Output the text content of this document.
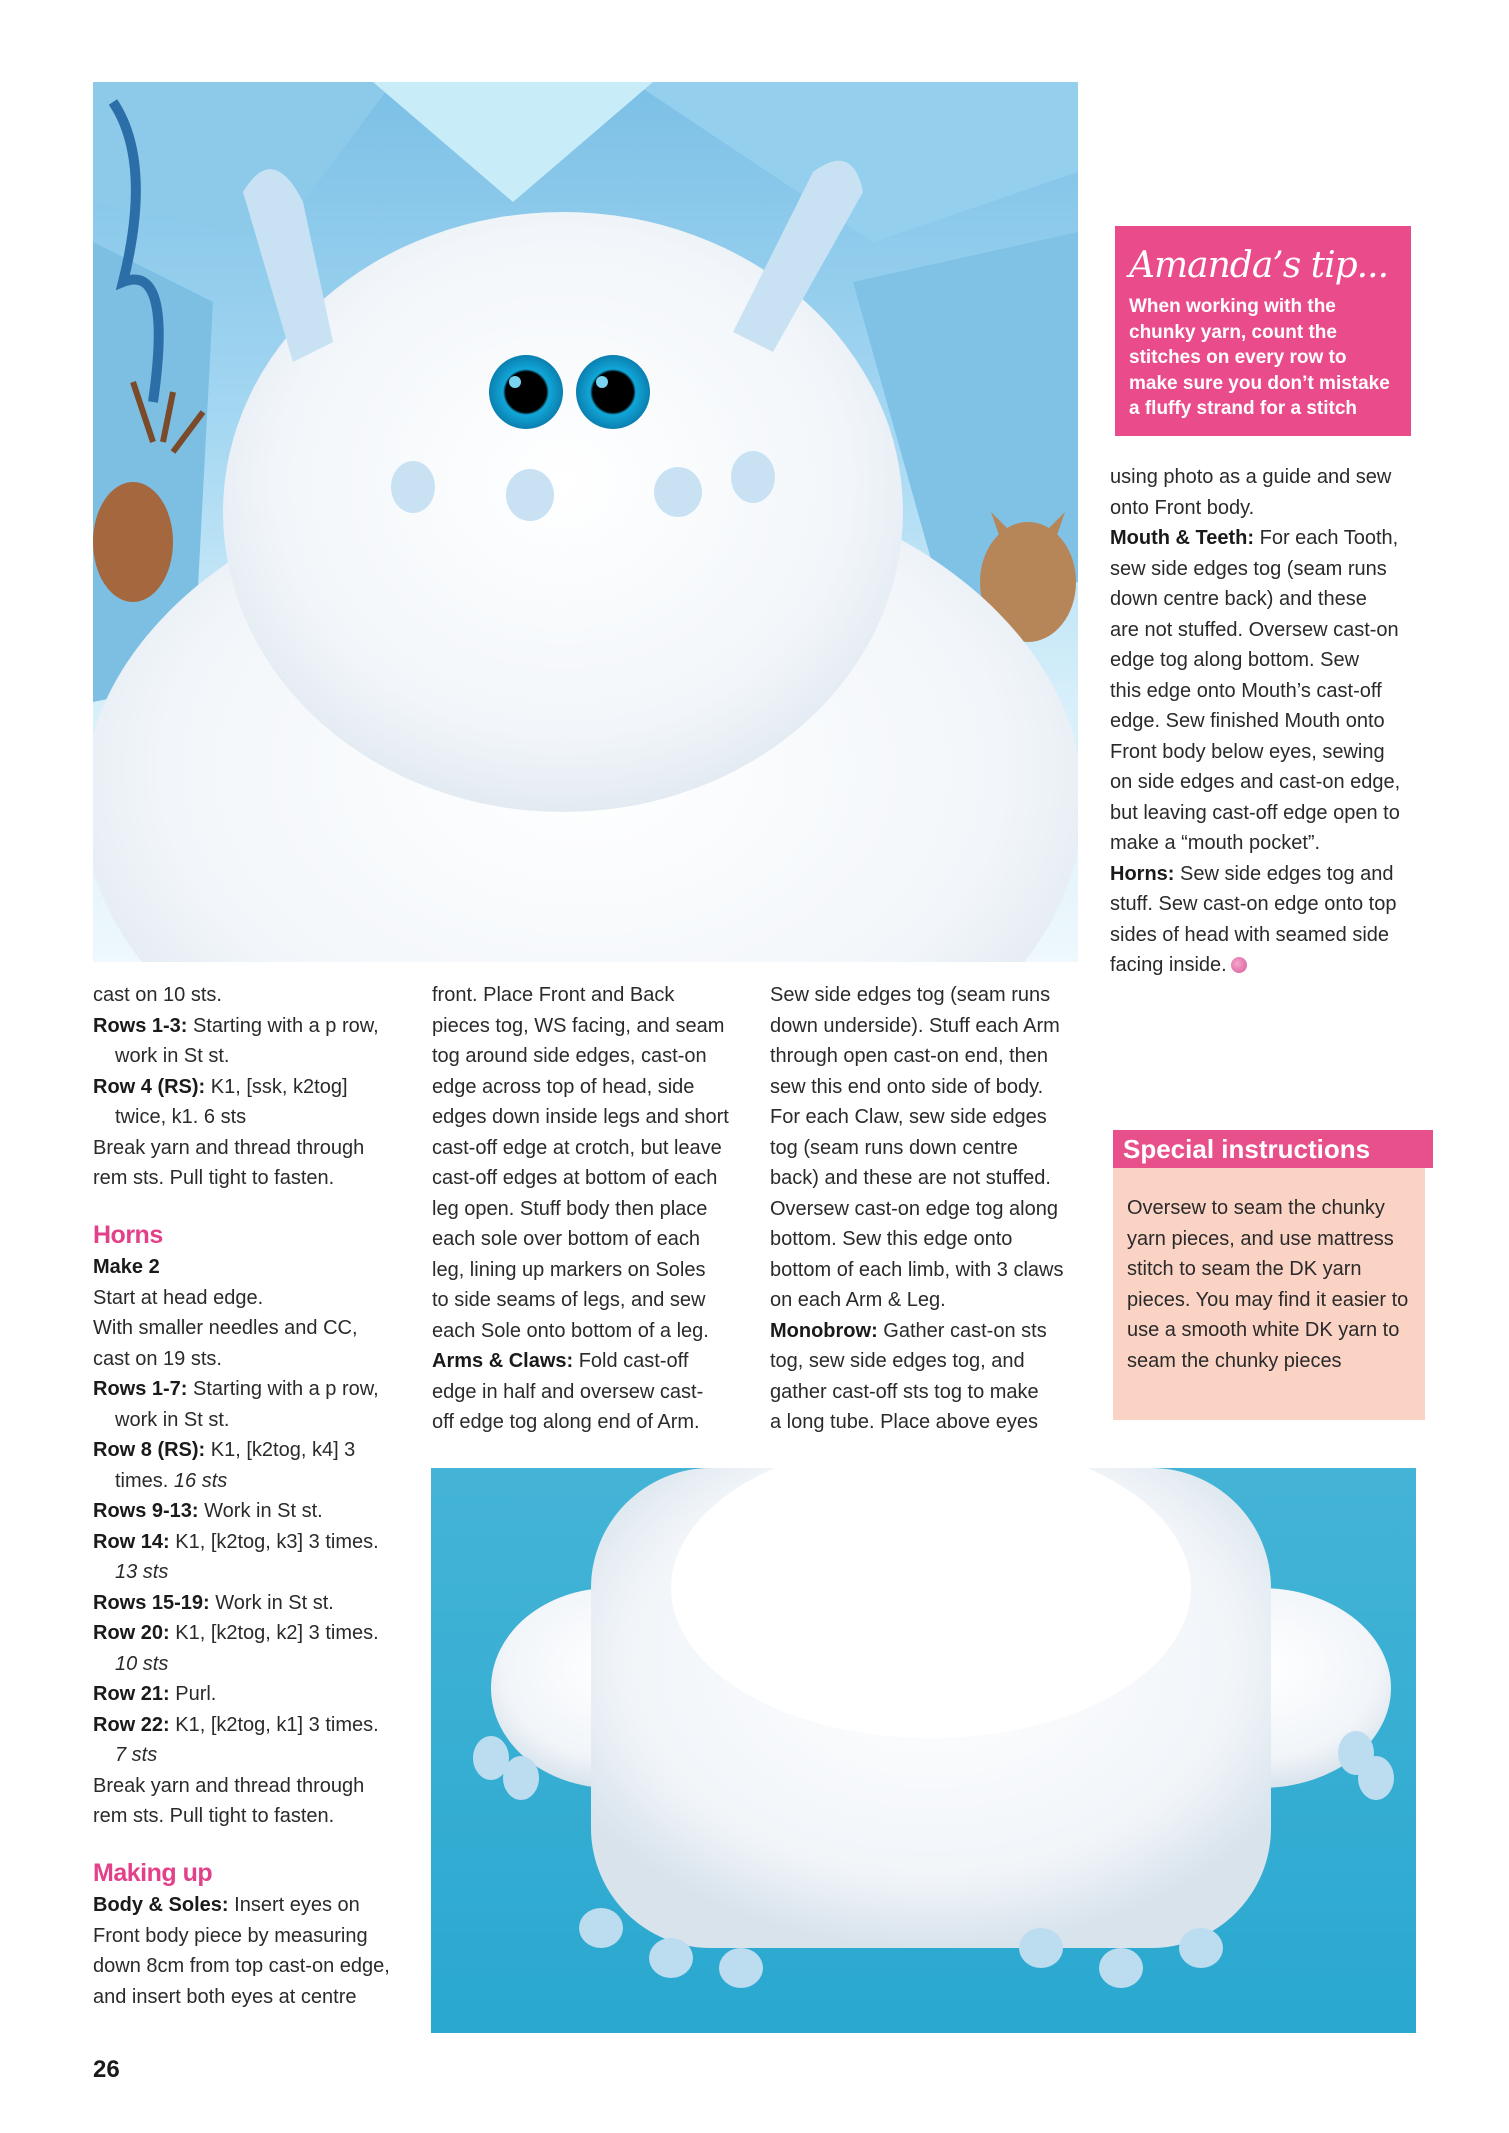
Amanda’s tip...
When working with the chunky yarn, count the stitches on every row to make sure you don’t mistake a fluffy strand for a stitch

using photo as a guide and sew

onto Front body.

Mouth & Teeth: For each Tooth,

sew side edges tog (seam runs

down centre back) and these

are not stuffed. Oversew cast-on

edge tog along bottom. Sew

this edge onto Mouth’s cast-off

edge. Sew finished Mouth onto

Front body below eyes, sewing

on side edges and cast-on edge,

but leaving cast-off edge open to

make a “mouth pocket”.

Horns: Sew side edges tog and

stuff. Sew cast-on edge onto top

sides of head with seamed side

facing inside.

cast on 10 sts.

Rows 1-3: Starting with a p row,

work in St st.

Row 4 (RS): K1, [ssk, k2tog]

twice, k1. 6 sts

Break yarn and thread through

rem sts. Pull tight to fasten.

Horns

Make 2

Start at head edge.

With smaller needles and CC,

cast on 19 sts.

Rows 1-7: Starting with a p row,

work in St st.

Row 8 (RS): K1, [k2tog, k4] 3

times. 16 sts

Rows 9-13: Work in St st.

Row 14: K1, [k2tog, k3] 3 times.

13 sts

Rows 15-19: Work in St st.

Row 20: K1, [k2tog, k2] 3 times.

10 sts

Row 21: Purl.

Row 22: K1, [k2tog, k1] 3 times.

7 sts

Break yarn and thread through

rem sts. Pull tight to fasten.

Making up

Body & Soles: Insert eyes on

Front body piece by measuring

down 8cm from top cast-on edge,

and insert both eyes at centre

front. Place Front and Back

pieces tog, WS facing, and seam

tog around side edges, cast-on

edge across top of head, side

edges down inside legs and short

cast-off edge at crotch, but leave

cast-off edges at bottom of each

leg open. Stuff body then place

each sole over bottom of each

leg, lining up markers on Soles

to side seams of legs, and sew

each Sole onto bottom of a leg.

Arms & Claws: Fold cast-off

edge in half and oversew cast-

off edge tog along end of Arm.

Sew side edges tog (seam runs

down underside). Stuff each Arm

through open cast-on end, then

sew this end onto side of body.

For each Claw, sew side edges

tog (seam runs down centre

back) and these are not stuffed.

Oversew cast-on edge tog along

bottom. Sew this edge onto

bottom of each limb, with 3 claws

on each Arm & Leg.

Monobrow: Gather cast-on sts

tog, sew side edges tog, and

gather cast-off sts tog to make

a long tube. Place above eyes

Special instructions
Oversew to seam the chunky yarn pieces, and use mattress stitch to seam the DK yarn pieces. You may find it easier to use a smooth white DK yarn to seam the chunky pieces
26
